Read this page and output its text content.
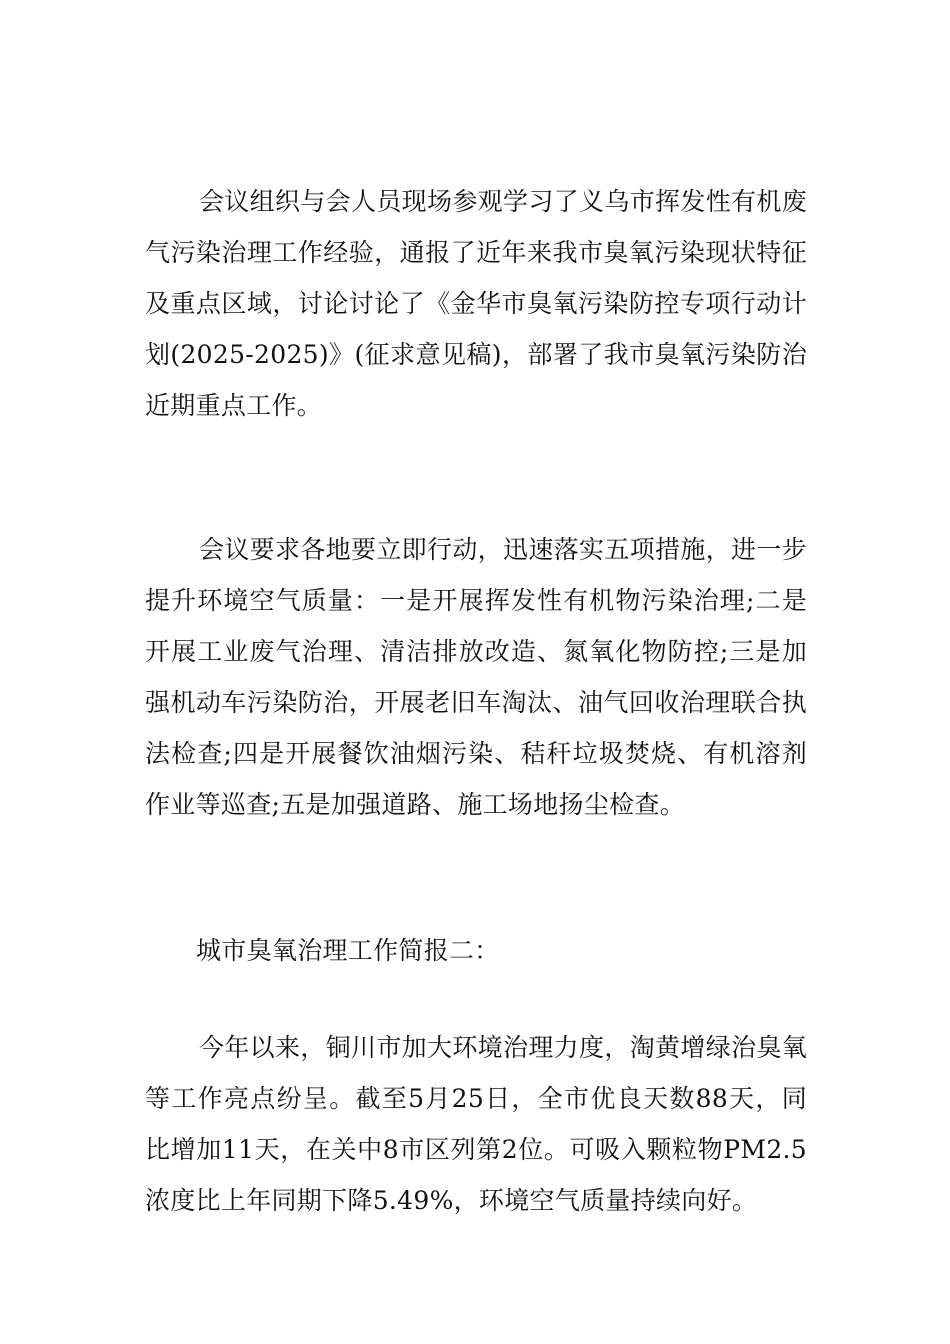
会议组织与会人员现场参观学习了义乌市挥发性有机废气污染治理工作经验，通报了近年来我市臭氧污染现状特征及重点区域，讨论讨论了《金华市臭氧污染防控专项行动计划(2025-2025)》(征求意见稿)，部署了我市臭氧污染防治近期重点工作。

会议要求各地要立即行动，迅速落实五项措施，进一步提升环境空气质量：一是开展挥发性有机物污染治理;二是开展工业废气治理、清洁排放改造、氮氧化物防控;三是加强机动车污染防治，开展老旧车淘汰、油气回收治理联合执法检查;四是开展餐饮油烟污染、秸秆垃圾焚烧、有机溶剂作业等巡查;五是加强道路、施工场地扬尘检查。

城市臭氧治理工作简报二：

今年以来，铜川市加大环境治理力度，淘黄增绿治臭氧等工作亮点纷呈。截至5月25日，全市优良天数88天，同比增加11天，在关中8市区列第2位。可吸入颗粒物PM2.5浓度比上年同期下降5.49%，环境空气质量持续向好。
